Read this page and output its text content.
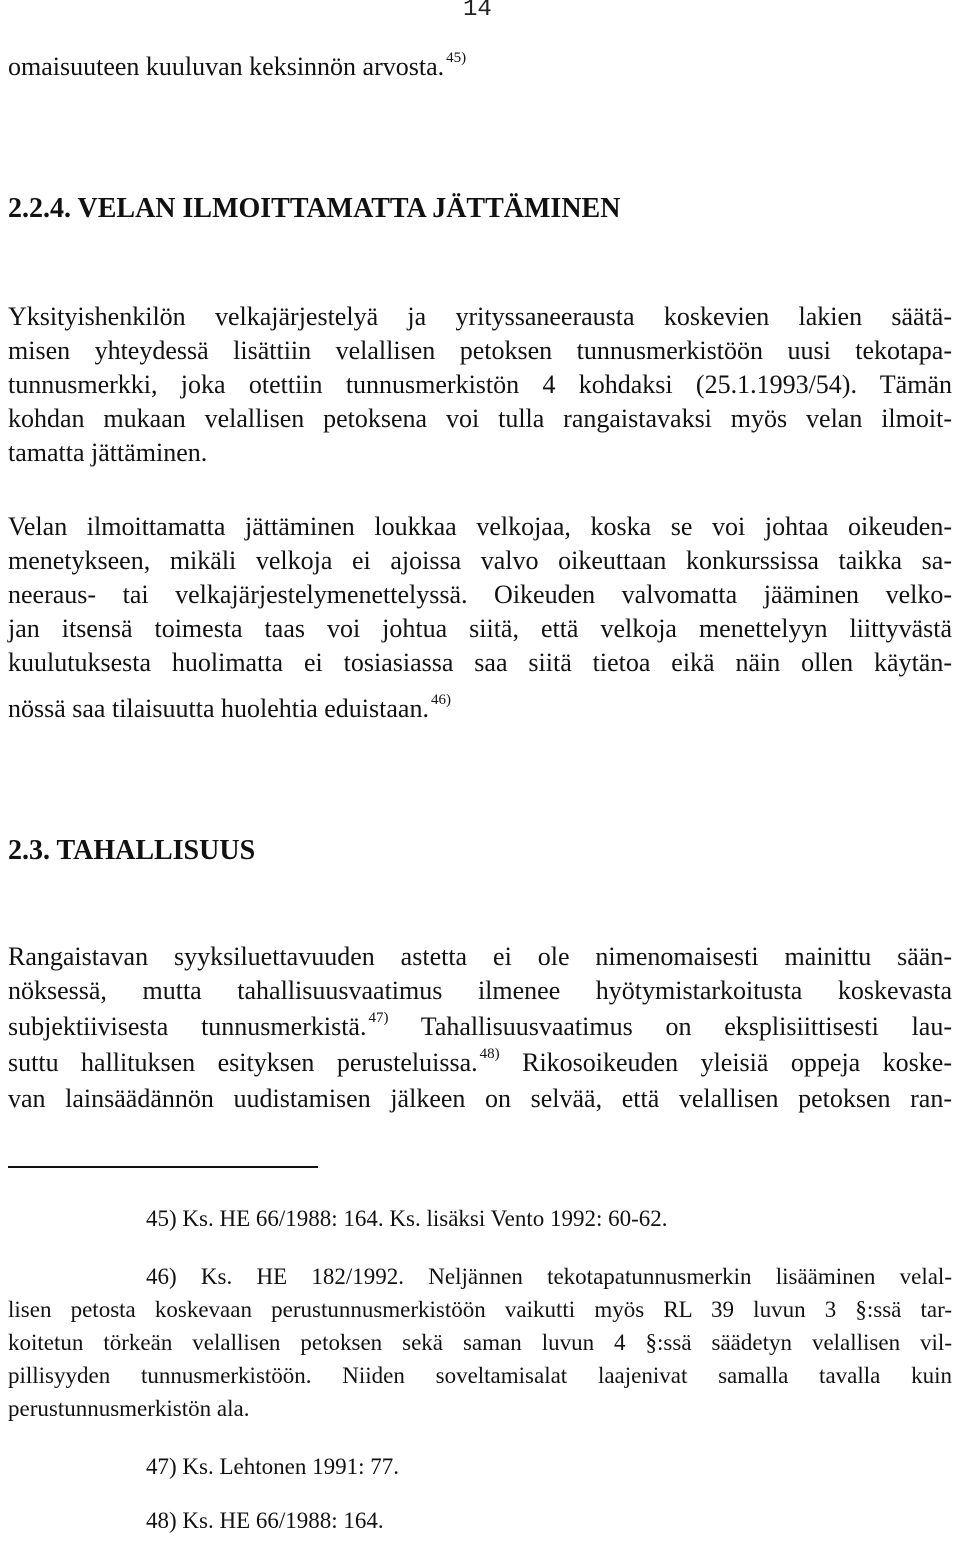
14
omaisuuteen kuuluvan keksinnön arvosta. $^{45)}$
2.2.4. VELAN ILMOITTAMATTA JÄTTÄMINEN
Yksityishenkilön velkajärjestelyä ja yrityssaneerausta koskevien lakien säätä-
misen yhteydessä lisättiin velallisen petoksen tunnusmerkistöön uusi tekotapa-
tunnusmerkki, joka otettiin tunnusmerkistön 4 kohdaksi (25.1.1993/54). Tämän
kohdan mukaan velallisen petoksena voi tulla rangaistavaksi myös velan ilmoit-
tamatta jättäminen.
Velan ilmoittamatta jättäminen loukkaa velkojaa, koska se voi johtaa oikeuden-
menetykseen, mikäli velkoja ei ajoissa valvo oikeuttaan konkurssissa taikka sa-
neeraus- tai velkajärjestelymenettelyssä. Oikeuden valvomatta jääminen velko-
jan itsensä toimesta taas voi johtua siitä, että velkoja menettelyyn liittyvästä
kuulutuksesta huolimatta ei tosiasiassa saa siitä tietoa eikä näin ollen käytän-
nössä saa tilaisuutta huolehtia eduistaan. $^{46)}$
2.3. TAHALLISUUS
Rangaistavan syyksiluettavuuden astetta ei ole nimenomaisesti mainittu sään-
nöksessä, mutta tahallisuusvaatimus ilmenee hyötymistarkoitusta koskevasta
subjektiivisesta tunnusmerkistä. $^{47)}$ Tahallisuusvaatimus on eksplisiittisesti lau-
suttu hallituksen esityksen perusteluissa. $^{48)}$ Rikosoikeuden yleisiä oppeja koske-
van lainsäädännön uudistamisen jälkeen on selvää, että velallisen petoksen ran-
45) Ks. HE 66/1988: 164. Ks. lisäksi Vento 1992: 60-62.
46) Ks. HE 182/1992. Neljännen tekotapatunnusmerkin lisääminen velal-
lisen petosta koskevaan perustunnusmerkistöön vaikutti myös RL 39 luvun 3 §:ssä tar-
koitetun törkeän velallisen petoksen sekä saman luvun 4 §:ssä säädetyn velallisen vil-
pillisyyden tunnusmerkistöön. Niiden soveltamisalat laajenivat samalla tavalla kuin
perustunnusmerkistön ala.
47) Ks. Lehtonen 1991: 77.
48) Ks. HE 66/1988: 164.
